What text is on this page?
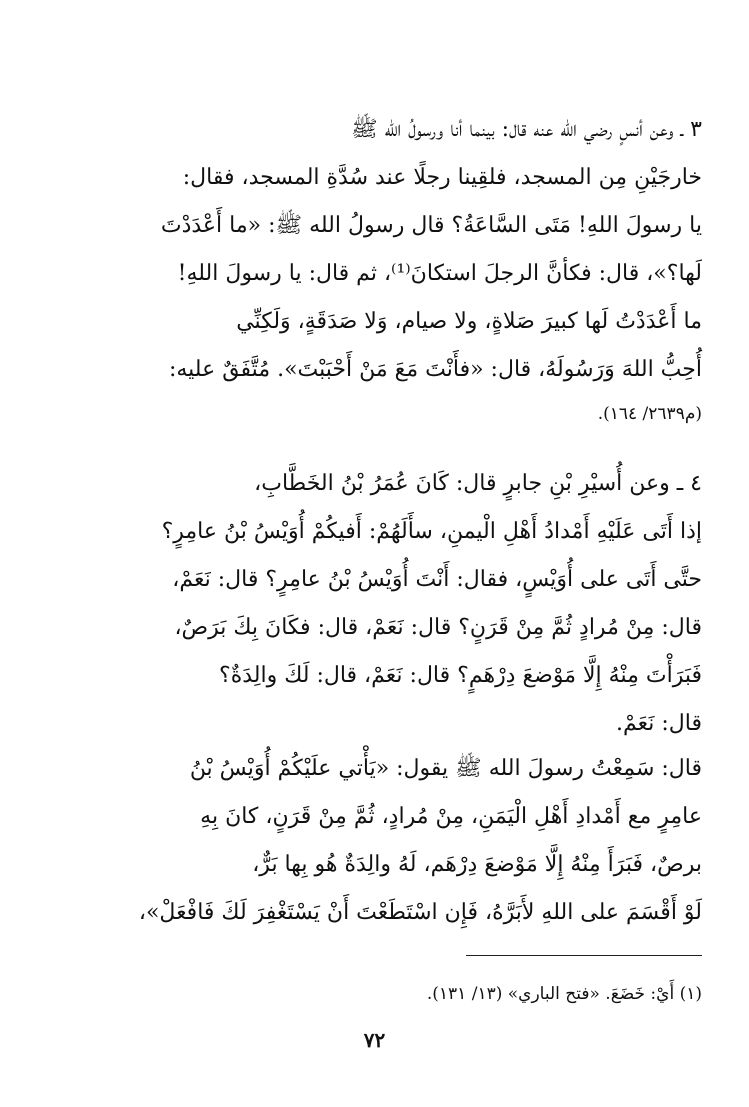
٣ ـ وعن أنسٍ رضي الله عنه قال: بينما أنا ورسولُ الله ﷺ
خارجَيْنِ مِن المسجد، فلقِينا رجلًا عند سُدَّةِ المسجد، فقال:
يا رسولَ اللهِ! مَتَى السَّاعَةُ؟ قال رسولُ الله ﷺ: «ما أَعْدَدْتَ
لَها؟»، قال: فكأنَّ الرجلَ استكانَ⁽¹⁾، ثم قال: يا رسولَ اللهِ!
ما أَعْدَدْتُ لَها كبيرَ صَلاةٍ، ولا صيام، وَلا صَدَقَةٍ، وَلَكِنِّي
أُحِبُّ اللهَ وَرَسُولَهُ، قال: «فأَنْتَ مَعَ مَنْ أَحْبَبْتَ». مُتَّفَقٌ عليه:
(م٢٦٣٩/ ١٦٤).
٤ ـ وعن أُسيْرِ بْنِ جابرٍ قال: كَانَ عُمَرُ بْنُ الخَطَّابِ،
إذا أَتَى عَلَيْهِ أَمْدادُ أَهْلِ الْيمنِ، سأَلَهُمْ: أَفيكُمْ أُوَيْسُ بْنُ عامِرٍ؟
حتَّى أَتَى على أُوَيْسٍ، فقال: أَنْتَ أُوَيْسُ بْنُ عامِرٍ؟ قال: نَعَمْ،
قال: مِنْ مُرادٍ ثُمَّ مِنْ قَرَنٍ؟ قال: نَعَمْ، قال: فكَانَ بِكَ بَرَصٌ،
فَبَرَأْتَ مِنْهُ إِلَّا مَوْضعَ دِرْهَمٍ؟ قال: نَعَمْ، قال: لَكَ والِدَةٌ؟
قال: نَعَمْ.
قال: سَمِعْتُ رسولَ الله ﷺ يقول: «يَأْتي علَيْكُمْ أُوَيْسُ بْنُ
عامِرٍ مع أَمْدادِ أَهْلِ الْيَمَنِ، مِنْ مُرادٍ، ثُمَّ مِنْ قَرَنٍ، كانَ بِهِ
برصٌ، فَبَرَأَ مِنْهُ إِلَّا مَوْضعَ دِرْهَم، لَهُ والِدَةٌ هُو بِها بَرٌّ،
لَوْ أَقْسَمَ على اللهِ لأَبَرَّهُ، فَإِن اسْتَطَعْتَ أَنْ يَسْتَغْفِرَ لَكَ فَافْعَلْ»،
(١) أَيْ: خَضَعَ. «فتح الباري» (١٣/ ١٣١).
٧٢
